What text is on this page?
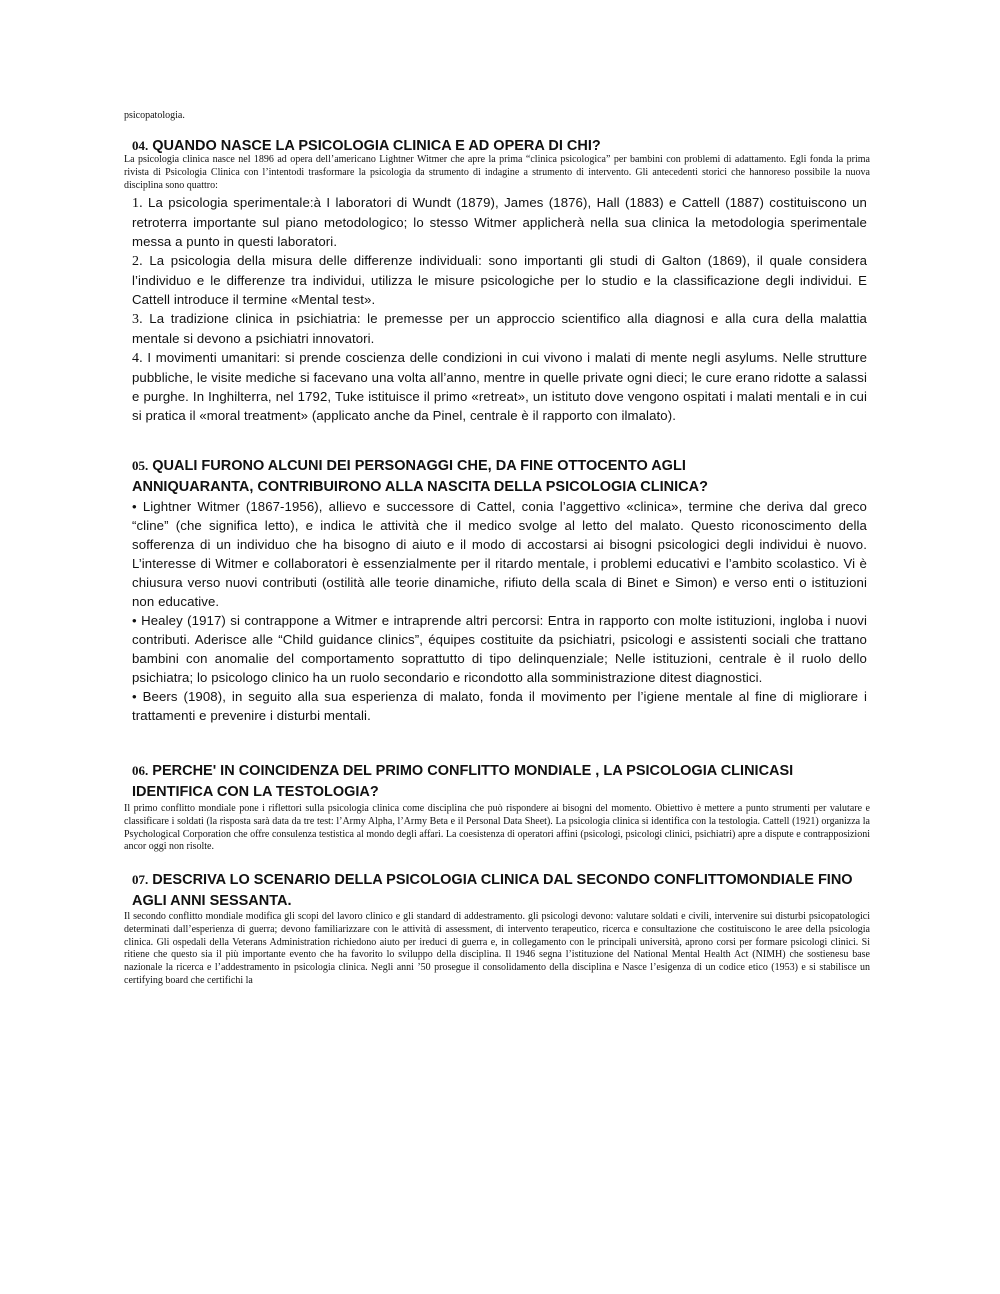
psicopatologia.
04. QUANDO NASCE LA PSICOLOGIA CLINICA E AD OPERA DI CHI?
La psicologia clinica nasce nel 1896 ad opera dell’americano Lightner Witmer che apre la prima “clinica psicologica” per bambini con problemi di adattamento. Egli fonda la prima rivista di Psicologia Clinica con l’intentodi trasformare la psicologia da strumento di indagine a strumento di intervento. Gli antecedenti storici che hannoreso possibile la nuova disciplina sono quattro:

1. La psicologia sperimentale:à I laboratori di Wundt (1879), James (1876), Hall (1883) e Cattell (1887) costituiscono un retroterra importante sul piano metodologico; lo stesso Witmer applicherà nella sua clinica la metodologia sperimentale messa a punto in questi laboratori.

2. La psicologia della misura delle differenze individuali: sono importanti gli studi di Galton (1869), il quale considera l’individuo e le differenze tra individui, utilizza le misure psicologiche per lo studio e la classificazione degli individui. E Cattell introduce il termine «Mental test».

3. La tradizione clinica in psichiatria: le premesse per un approccio scientifico alla diagnosi e alla cura della malattia mentale si devono a psichiatri innovatori.

4. I movimenti umanitari: si prende coscienza delle condizioni in cui vivono i malati di mente negli asylums. Nelle strutture pubbliche, le visite mediche si facevano una volta all’anno, mentre in quelle private ogni dieci; le cure erano ridotte a salassi e purghe. In Inghilterra, nel 1792, Tuke istituisce il primo «retreat», un istituto dove vengono ospitati i malati mentali e in cui si pratica il «moral treatment» (applicato anche da Pinel, centrale è il rapporto con ilmalato).

05. QUALI FURONO ALCUNI DEI PERSONAGGI CHE, DA FINE OTTOCENTO AGLI
ANNIQUARANTA, CONTRIBUIRONO ALLA NASCITA DELLA PSICOLOGIA CLINICA?

• Lightner Witmer (1867-1956), allievo e successore di Cattel, conia l’aggettivo «clinica», termine che deriva dal greco “cline” (che significa letto), e indica le attività che il medico svolge al letto del malato. Questo riconoscimento della sofferenza di un individuo che ha bisogno di aiuto e il modo di accostarsi ai bisogni psicologici degli individui è nuovo. L’interesse di Witmer e collaboratori è essenzialmente per il ritardo mentale, i problemi educativi e l’ambito scolastico. Vi è chiusura verso nuovi contributi (ostilità alle teorie dinamiche, rifiuto della scala di Binet e Simon) e verso enti o istituzioni non educative.

• Healey (1917) si contrappone a Witmer e intraprende altri percorsi: Entra in rapporto con molte istituzioni, ingloba i nuovi contributi. Aderisce alle “Child guidance clinics”, équipes costituite da psichiatri, psicologi e assistenti sociali che trattano bambini con anomalie del comportamento soprattutto di tipo delinquenziale; Nelle istituzioni, centrale è il ruolo dello psichiatra; lo psicologo clinico ha un ruolo secondario e ricondotto alla somministrazione ditest diagnostici.

• Beers (1908), in seguito alla sua esperienza di malato, fonda il movimento per l’igiene mentale al fine di migliorare i trattamenti e prevenire i disturbi mentali.

06. PERCHE' IN COINCIDENZA DEL PRIMO CONFLITTO MONDIALE , LA PSICOLOGIA CLINICASI
IDENTIFICA CON LA TESTOLOGIA?
Il primo conflitto mondiale pone i riflettori sulla psicologia clinica come disciplina che può rispondere ai bisogni del momento. Obiettivo è mettere a punto strumenti per valutare e classificare i soldati (la risposta sarà data da tre test: l’Army Alpha, l’Army Beta e il Personal Data Sheet). La psicologia clinica si identifica con la testologia. Cattell (1921) organizza la Psychological Corporation che offre consulenza testistica al mondo degli affari. La coesistenza di operatori affini (psicologi, psicologi clinici, psichiatri) apre a dispute e contrapposizioni ancor oggi non risolte.
07. DESCRIVA LO SCENARIO DELLA PSICOLOGIA CLINICA DAL SECONDO CONFLITTOMONDIALE FINO
AGLI ANNI SESSANTA.
Il secondo conflitto mondiale modifica gli scopi del lavoro clinico e gli standard di addestramento. gli psicologi devono: valutare soldati e civili, intervenire sui disturbi psicopatologici determinati dall’esperienza di guerra; devono familiarizzare con le attività di assessment, di intervento terapeutico, ricerca e consultazione che costituiscono le aree della psicologia clinica. Gli ospedali della Veterans Administration richiedono aiuto per ireduci di guerra e, in collegamento con le principali università, aprono corsi per formare psicologi clinici. Si ritiene che questo sia il più importante evento che ha favorito lo sviluppo della disciplina. Il 1946 segna l’istituzione del National Mental Health Act (NIMH) che sostienesu base nazionale la ricerca e l’addestramento in psicologia clinica. Negli anni ’50 prosegue il consolidamento della disciplina e Nasce l’esigenza di un codice etico (1953) e si stabilisce un certifying board che certifichi la
